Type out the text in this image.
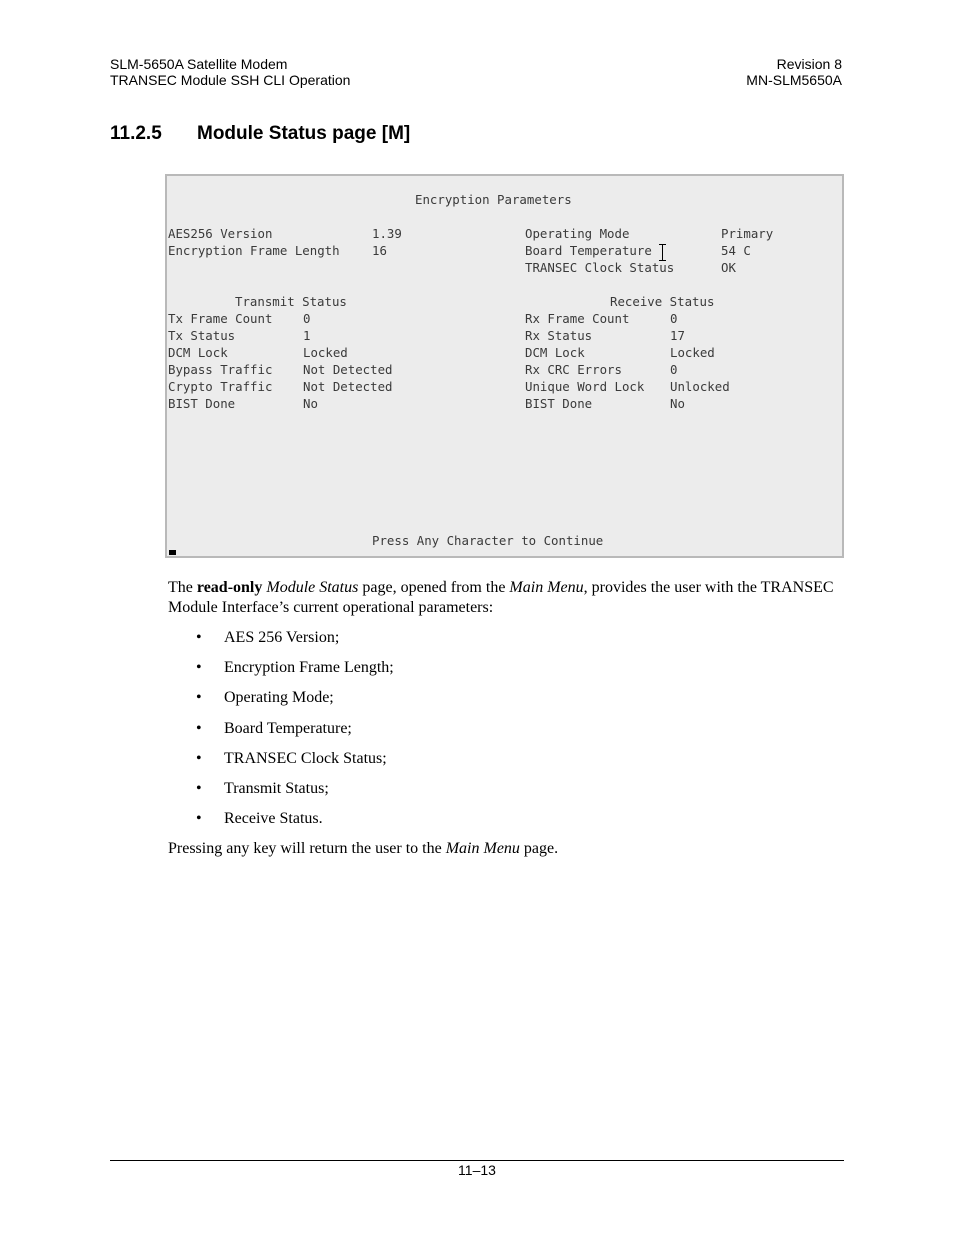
SLM-5650A Satellite Modem
TRANSEC Module SSH CLI Operation
Revision 8
MN-SLM5650A
11.2.5 Module Status page [M]
Encryption Parameters
AES256 Version	1.39
Encryption Frame Length	16
Operating Mode	Primary
Board Temperature	54 C
TRANSEC Clock Status	OK
Transmit Status	Receive Status
Tx Frame Count 0
Tx Status	1
DCM Lock	Locked
Bypass Traffic Not Detected
Crypto Traffic Not Detected
BIST Done	No
Rx Frame Count	0
Rx Status	17
DCM Lock	Locked
Rx CRC Errors	0
Unique Word Lock Unlocked
BIST Done	No
Press Any Character to Continue
The read-only Module Status page, opened from the Main Menu, provides the user with the TRANSEC Module Interface’s current operational parameters:
• AES 256 Version;
• Encryption Frame Length;
• Operating Mode;
• Board Temperature;
• TRANSEC Clock Status;
• Transmit Status;
• Receive Status.
Pressing any key will return the user to the Main Menu page.
11–13
